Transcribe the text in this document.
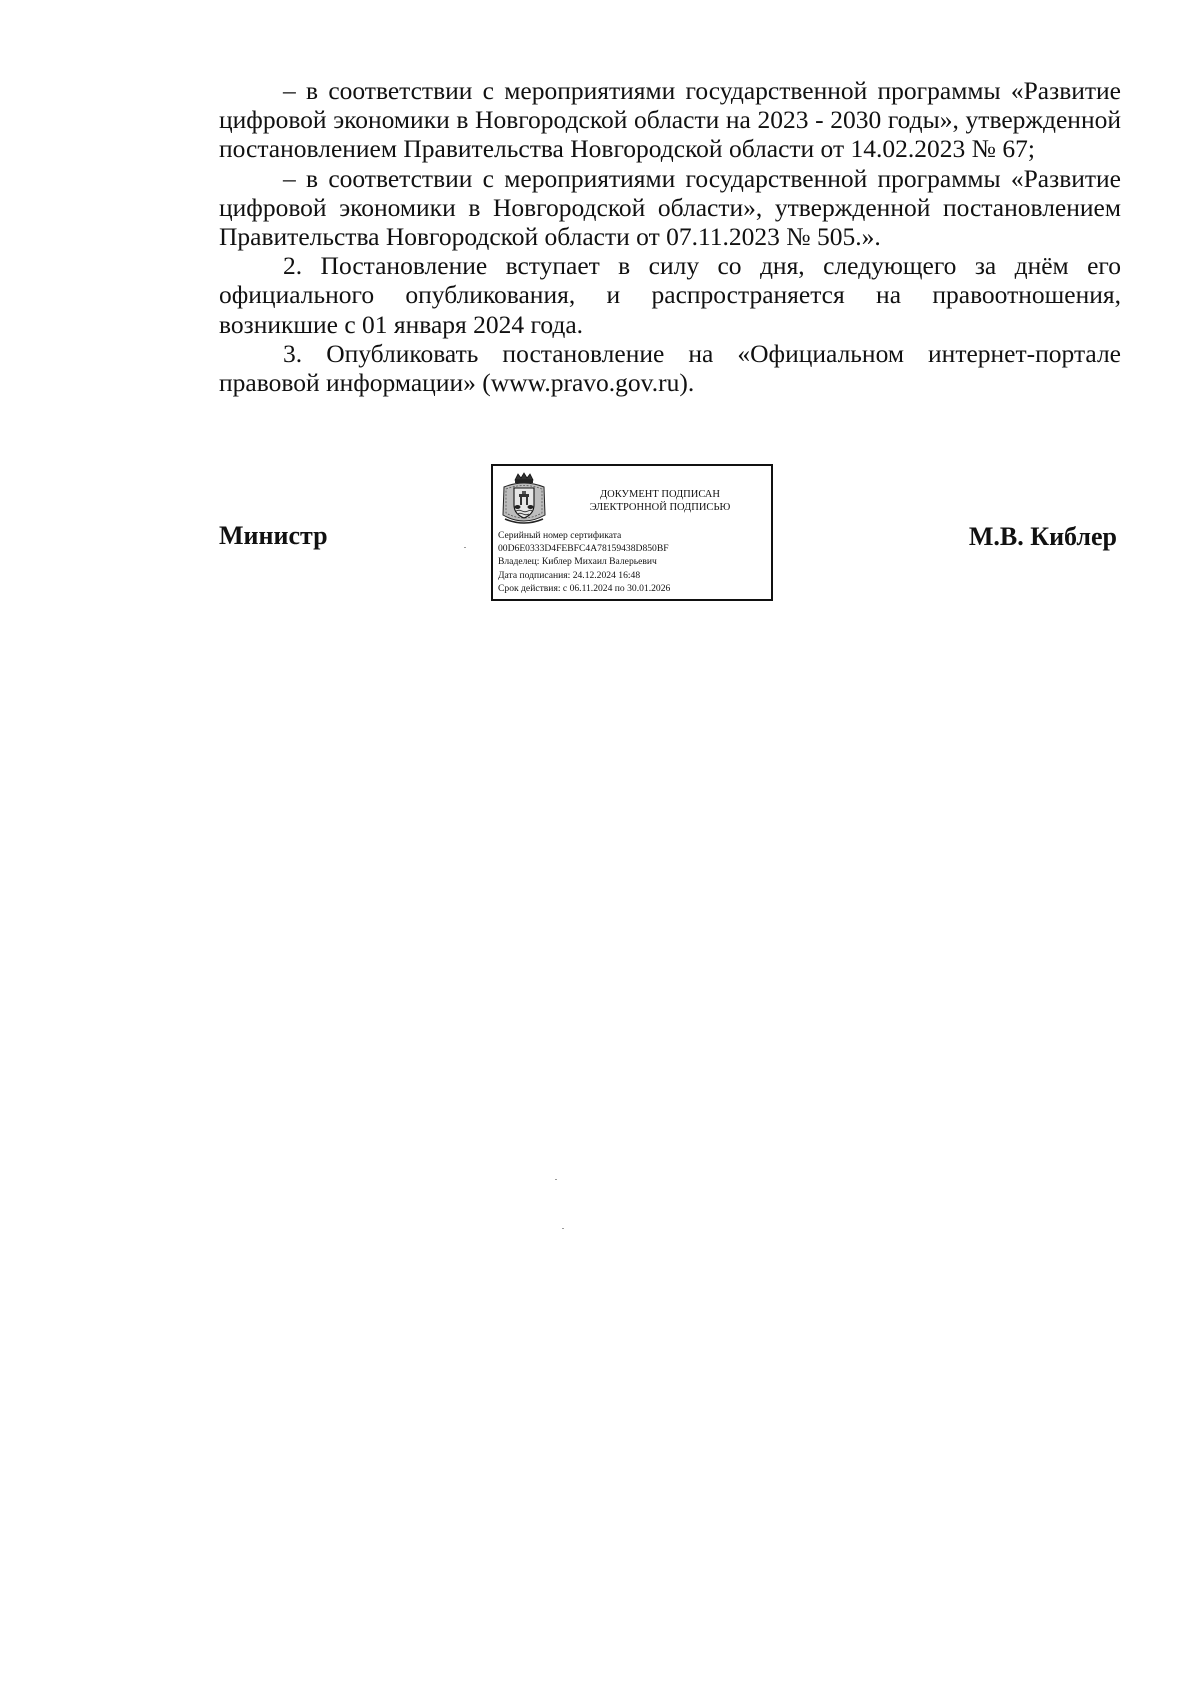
– в соответствии с мероприятиями государственной программы «Развитие цифровой экономики в Новгородской области на 2023 - 2030 годы», утвержденной постановлением Правительства Новгородской области от 14.02.2023 № 67;

– в соответствии с мероприятиями государственной программы «Развитие цифровой экономики в Новгородской области», утвержденной постановлением Правительства Новгородской области от 07.11.2023 № 505.».

2. Постановление вступает в силу со дня, следующего за днём его официального опубликования, и распространяется на правоотношения, возникшие с 01 января 2024 года.

3. Опубликовать постановление на «Официальном интернет-портале правовой информации» (www.pravo.gov.ru).

Министр
ДОКУМЕНТ ПОДПИСАН
ЭЛЕКТРОННОЙ ПОДПИСЬЮ
Серийный номер сертификата
00D6E0333D4FEBFC4A78159438D850BF
Владелец: Киблер Михаил Валерьевич
Дата подписания: 24.12.2024 16:48
Срок действия: с 06.11.2024 по 30.01.2026
М.В. Киблер
